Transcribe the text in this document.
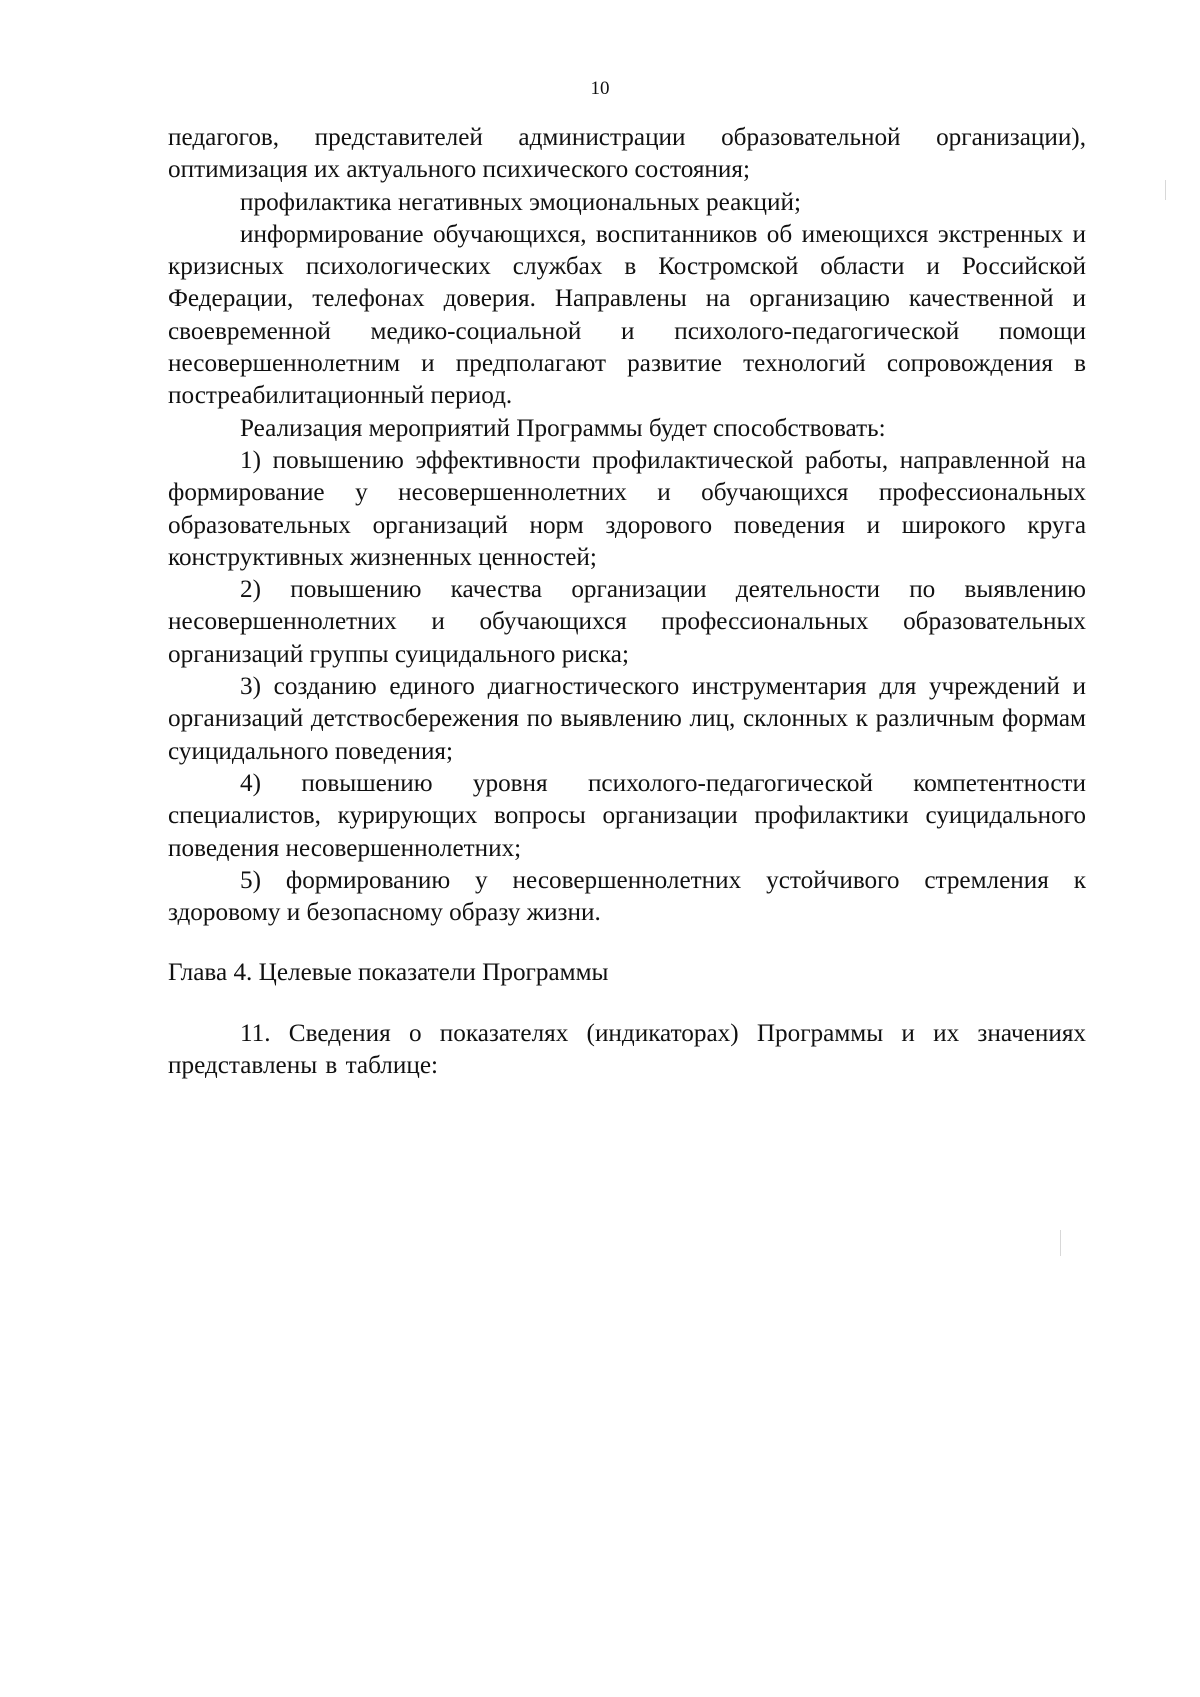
10

педагогов, представителей администрации образовательной организации), оптимизация их актуального психического состояния;

профилактика негативных эмоциональных реакций;

информирование обучающихся, воспитанников об имеющихся экстренных и кризисных психологических службах в Костромской области и Российской Федерации, телефонах доверия. Направлены на организацию качественной и своевременной медико-социальной и психолого-педагогической помощи несовершеннолетним и предполагают развитие технологий сопровождения в постреабилитационный период.

Реализация мероприятий Программы будет способствовать:

1) повышению эффективности профилактической работы, направленной на формирование у несовершеннолетних и обучающихся профессиональных образовательных организаций норм здорового поведения и широкого круга конструктивных жизненных ценностей;

2) повышению качества организации деятельности по выявлению несовершеннолетних и обучающихся профессиональных образовательных организаций группы суицидального риска;

3) созданию единого диагностического инструментария для учреждений и организаций детствосбережения по выявлению лиц, склонных к различным формам суицидального поведения;

4) повышению уровня психолого-педагогической компетентности специалистов, курирующих вопросы организации профилактики суицидального поведения несовершеннолетних;

5) формированию у несовершеннолетних устойчивого стремления к здоровому и безопасному образу жизни.

Глава 4. Целевые показатели Программы

11. Сведения о показателях (индикаторах) Программы и их значениях представлены в таблице:
